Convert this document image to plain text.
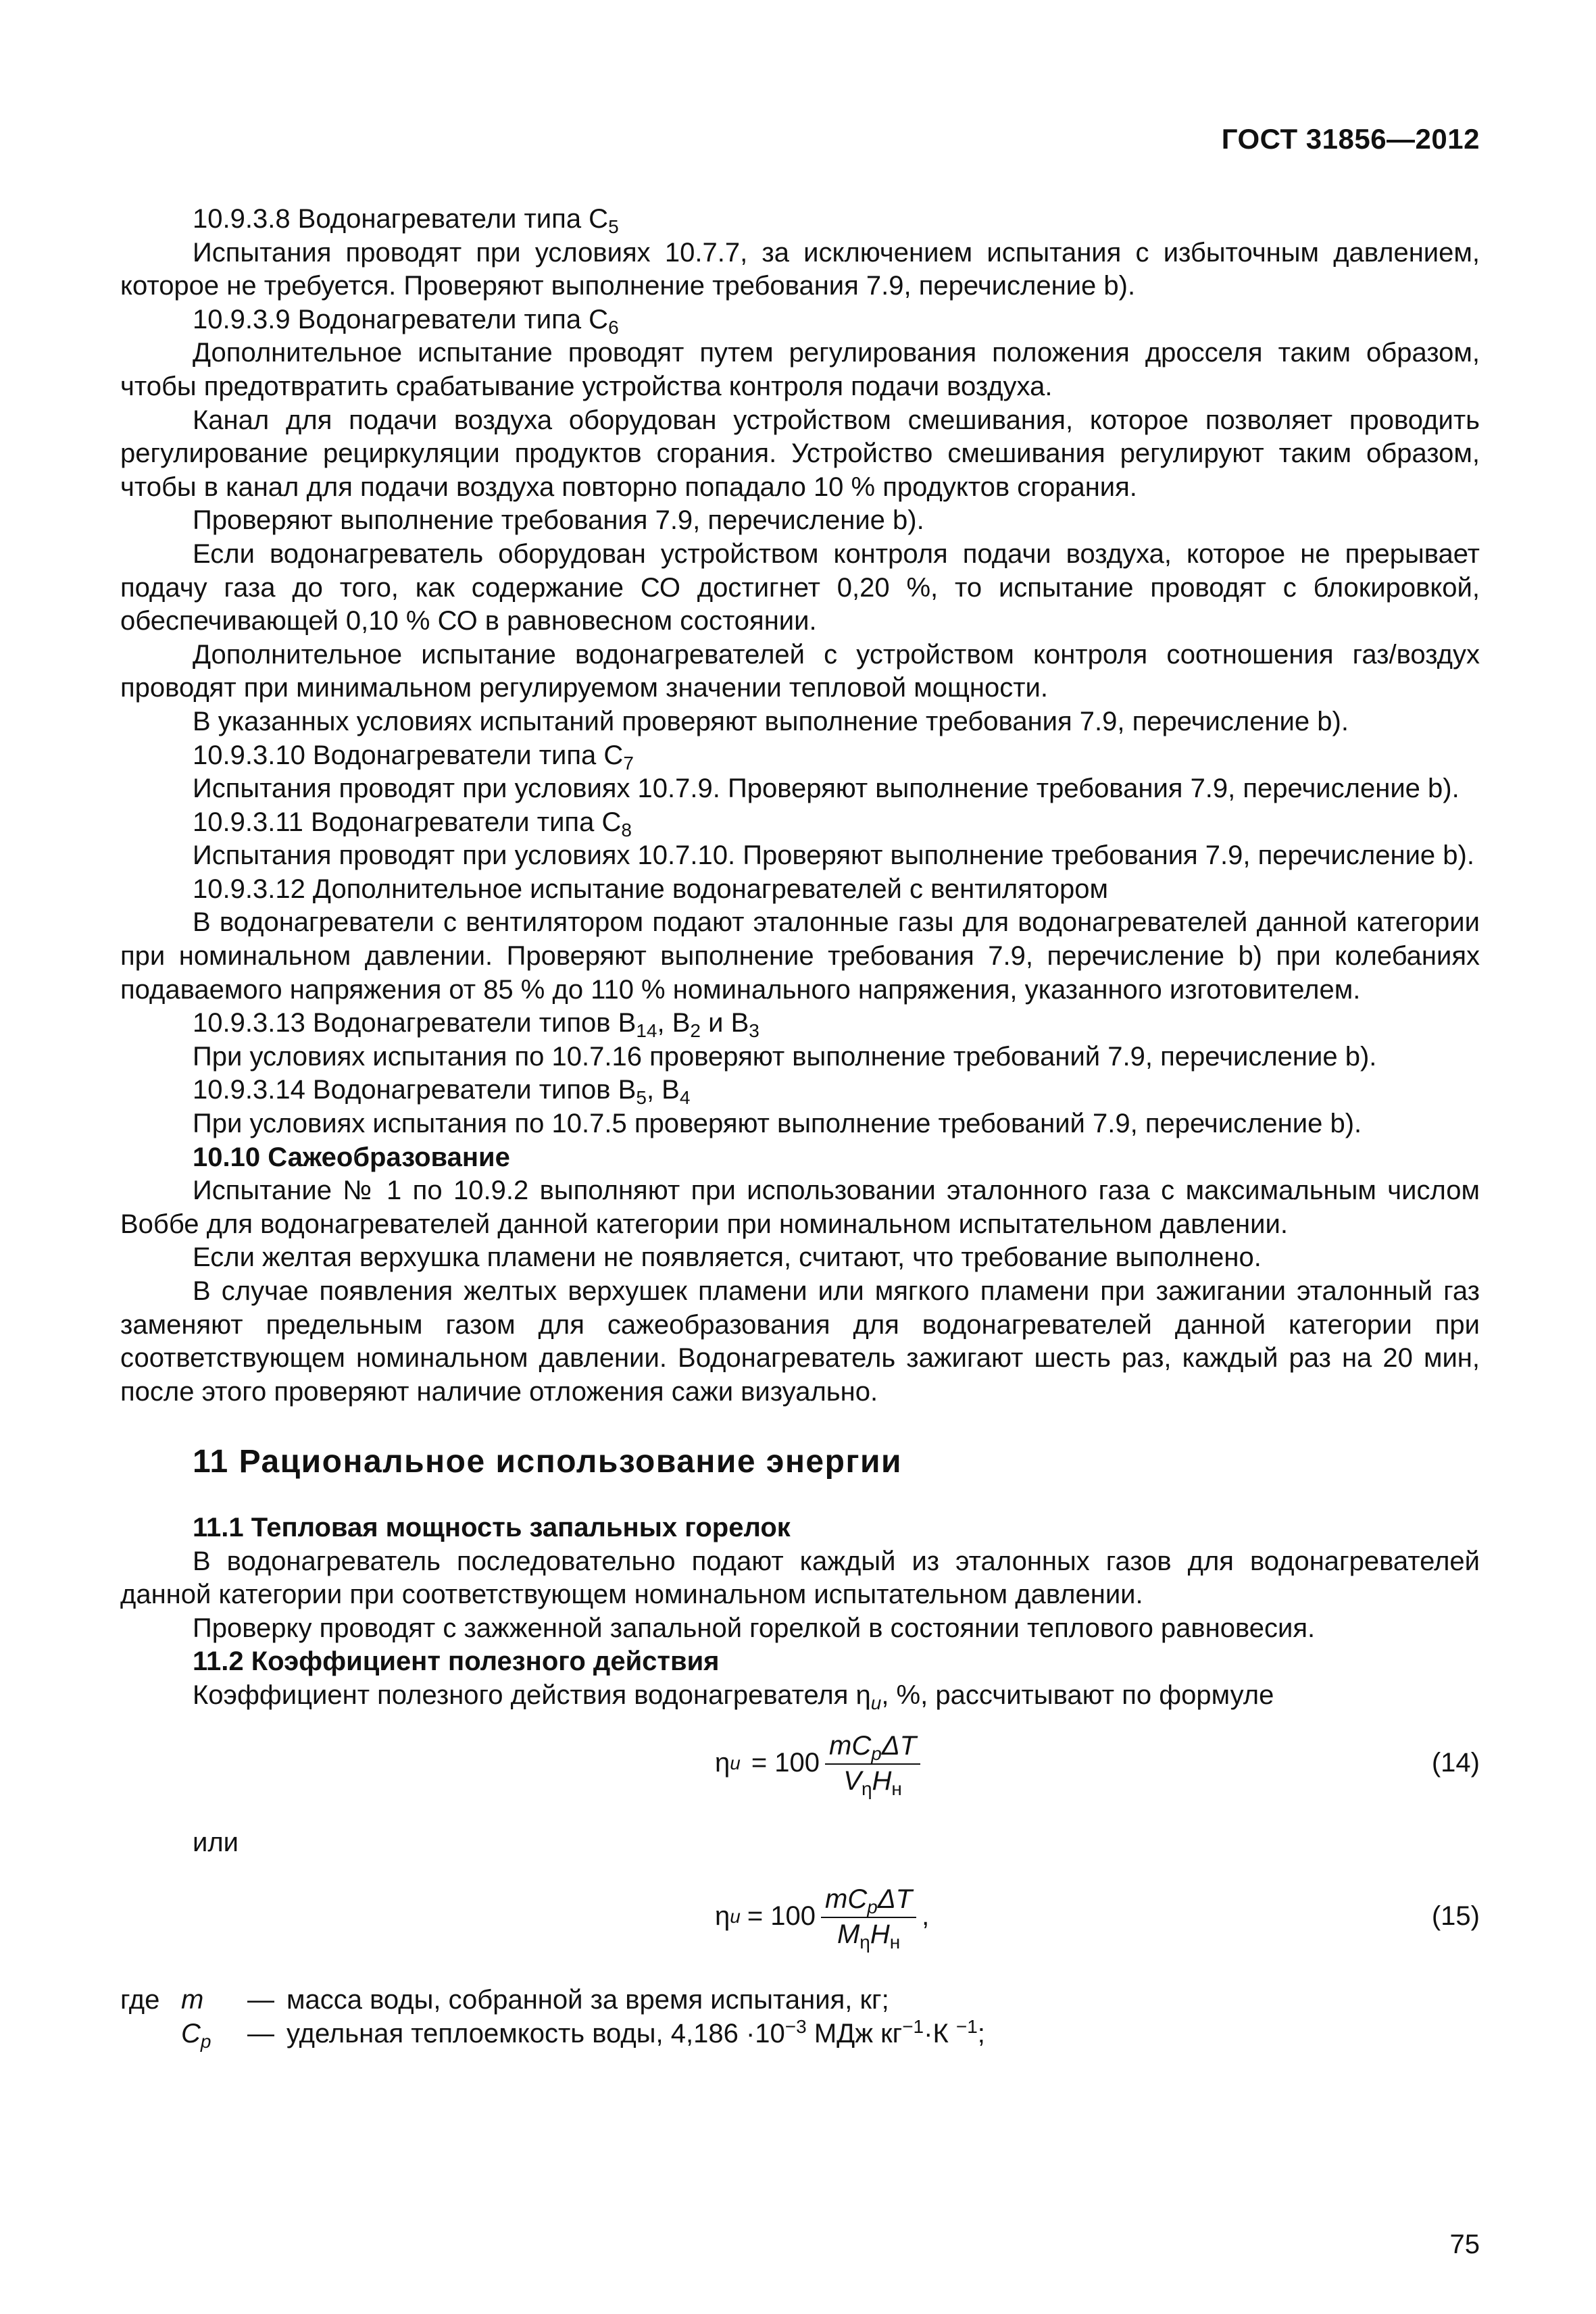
ГОСТ 31856—2012

10.9.3.8 Водонагреватели типа $С_5$

Испытания проводят при условиях 10.7.7, за исключением испытания с избыточным давлением, которое не требуется. Проверяют выполнение требования 7.9, перечисление b).

10.9.3.9 Водонагреватели типа $С_6$

Дополнительное испытание проводят путем регулирования положения дросселя таким образом, чтобы предотвратить срабатывание устройства контроля подачи воздуха.

Канал для подачи воздуха оборудован устройством смешивания, которое позволяет проводить регулирование рециркуляции продуктов сгорания. Устройство смешивания регулируют таким образом, чтобы в канал для подачи воздуха повторно попадало 10 % продуктов сгорания.

Проверяют выполнение требования 7.9, перечисление b).

Если водонагреватель оборудован устройством контроля подачи воздуха, которое не прерывает подачу газа до того, как содержание СО достигнет 0,20 %, то испытание проводят с блокировкой, обеспечивающей 0,10 % СО в равновесном состоянии.

Дополнительное испытание водонагревателей с устройством контроля соотношения газ/воздух проводят при минимальном регулируемом значении тепловой мощности.

В указанных условиях испытаний проверяют выполнение требования 7.9, перечисление b).

10.9.3.10 Водонагреватели типа $С_7$

Испытания проводят при условиях 10.7.9. Проверяют выполнение требования 7.9, перечисление b).

10.9.3.11 Водонагреватели типа $С_8$

Испытания проводят при условиях 10.7.10. Проверяют выполнение требования 7.9, перечисление b).

10.9.3.12 Дополнительное испытание водонагревателей с вентилятором

В водонагреватели с вентилятором подают эталонные газы для водонагревателей данной категории при номинальном давлении. Проверяют выполнение требования 7.9, перечисление b) при колебаниях подаваемого напряжения от 85 % до 110 % номинального напряжения, указанного изготовителем.

10.9.3.13 Водонагреватели типов $В_{14}$, $В_2$ и $В_3$

При условиях испытания по 10.7.16 проверяют выполнение требований 7.9, перечисление b).

10.9.3.14 Водонагреватели типов $В_5$, $В_4$

При условиях испытания по 10.7.5 проверяют выполнение требований 7.9, перечисление b).

10.10 Сажеобразование

Испытание № 1 по 10.9.2 выполняют при использовании эталонного газа с максимальным числом Воббе для водонагревателей данной категории при номинальном испытательном давлении.

Если желтая верхушка пламени не появляется, считают, что требование выполнено.

В случае появления желтых верхушек пламени или мягкого пламени при зажигании эталонный газ заменяют предельным газом для сажеобразования для водонагревателей данной категории при соответствующем номинальном давлении. Водонагреватель зажигают шесть раз, каждый раз на 20 мин, после этого проверяют наличие отложения сажи визуально.

11 Рациональное использование энергии

11.1 Тепловая мощность запальных горелок

В водонагреватель последовательно подают каждый из эталонных газов для водонагревателей данной категории при соответствующем номинальном испытательном давлении.

Проверку проводят с зажженной запальной горелкой в состоянии теплового равновесия.

11.2 Коэффициент полезного действия

Коэффициент полезного действия водонагревателя $\eta_u$, %, рассчитывают по формуле

η $u = 100 \frac{mC_p\Delta T}{V_\eta H_н}$	(14)

или

η $u = 100 \frac{mC_p\Delta T}{M_\eta H_н}$ ,	(15)

где m	— масса воды, собранной за время испытания, кг;

$C_p$	— удельная теплоемкость воды, $4,186 \cdot 10^{-3}$ МДж $кг^{-1}\cdot К$ $^{-1}$;

75
